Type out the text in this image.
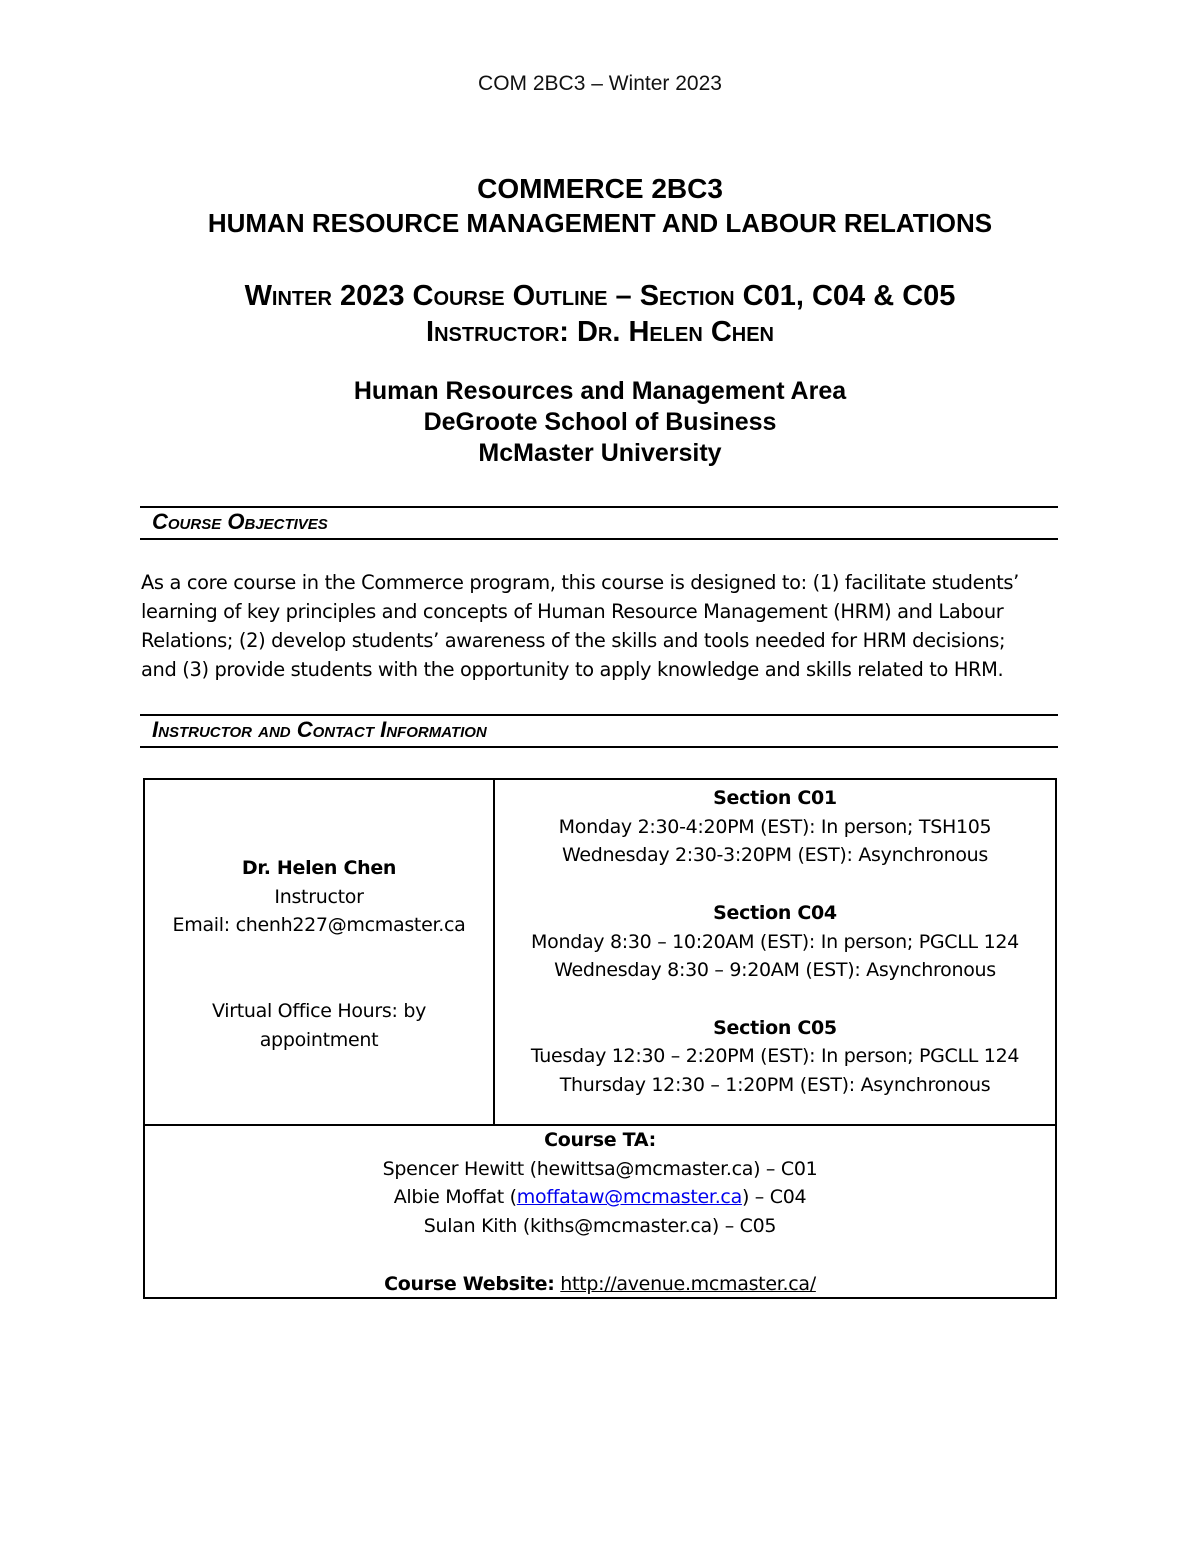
COM 2BC3 – Winter 2023
COMMERCE 2BC3
HUMAN RESOURCE MANAGEMENT AND LABOUR RELATIONS
Winter 2023 Course Outline – Section C01, C04 & C05
Instructor: Dr. Helen Chen
Human Resources and Management Area
DeGroote School of Business
McMaster University
Course Objectives
As a core course in the Commerce program, this course is designed to: (1) facilitate students’
learning of key principles and concepts of Human Resource Management (HRM) and Labour
Relations; (2) develop students’ awareness of the skills and tools needed for HRM decisions;
and (3) provide students with the opportunity to apply knowledge and skills related to HRM.
Instructor and Contact Information
Dr. Helen Chen
Instructor
Email: chenh227@mcmaster.ca
Virtual Office Hours: by
appointment
Section C01
Monday 2:30-4:20PM (EST): In person; TSH105
Wednesday 2:30-3:20PM (EST): Asynchronous
Section C04
Monday 8:30 – 10:20AM (EST): In person; PGCLL 124
Wednesday 8:30 – 9:20AM (EST): Asynchronous
Section C05
Tuesday 12:30 – 2:20PM (EST): In person; PGCLL 124
Thursday 12:30 – 1:20PM (EST): Asynchronous
Course TA:
Spencer Hewitt (hewittsa@mcmaster.ca) – C01
Albie Moffat (moffataw@mcmaster.ca) – C04
Sulan Kith (kiths@mcmaster.ca) – C05
Course Website: http://avenue.mcmaster.ca/
